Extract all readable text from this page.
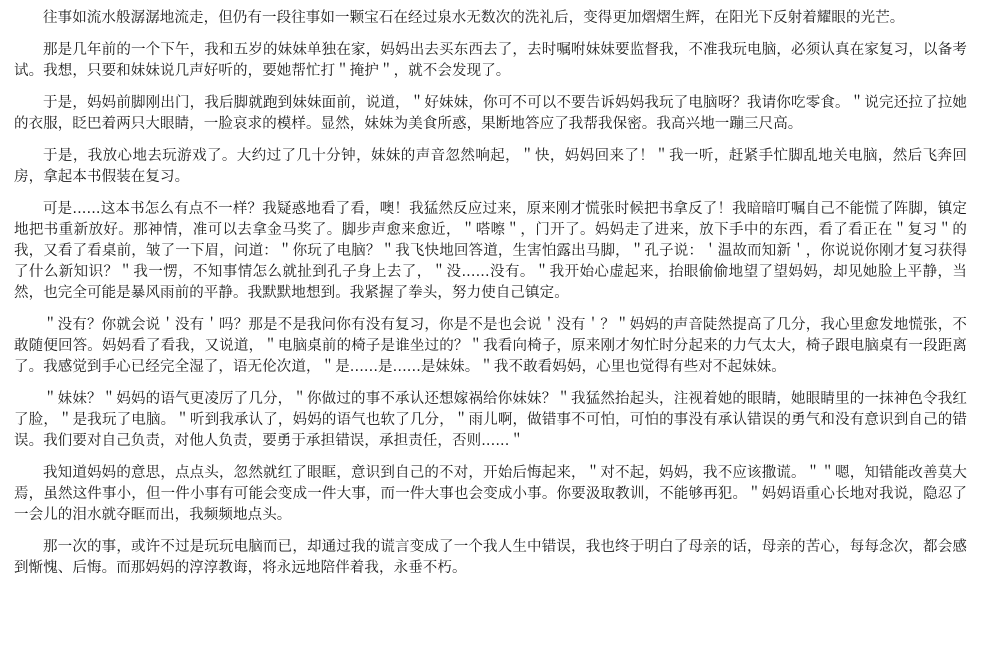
往事如流水般潺潺地流走，但仍有一段往事如一颗宝石在经过泉水无数次的洗礼后，变得更加熠熠生辉，在阳光下反射着耀眼的光芒。

那是几年前的一个下午，我和五岁的妹妹单独在家，妈妈出去买东西去了，去时嘱咐妹妹要监督我，不准我玩电脑，必须认真在家复习，以备考试。我想，只要和妹妹说几声好听的，要她帮忙打＂掩护＂，就不会发现了。

于是，妈妈前脚刚出门，我后脚就跑到妹妹面前，说道，＂好妹妹，你可不可以不要告诉妈妈我玩了电脑呀？我请你吃零食。＂说完还拉了拉她的衣服，眨巴着两只大眼睛，一脸哀求的模样。显然，妹妹为美食所惑，果断地答应了我帮我保密。我高兴地一蹦三尺高。

于是，我放心地去玩游戏了。大约过了几十分钟，妹妹的声音忽然响起，＂快，妈妈回来了！＂我一听，赶紧手忙脚乱地关电脑，然后飞奔回房，拿起本书假装在复习。

可是......这本书怎么有点不一样？我疑惑地看了看，噢！我猛然反应过来，原来刚才慌张时候把书拿反了！我暗暗叮嘱自己不能慌了阵脚，镇定地把书重新放好。那神情，准可以去拿金马奖了。脚步声愈来愈近，＂嗒嚓＂，门开了。妈妈走了进来，放下手中的东西，看了看正在＂复习＂的我，又看了看桌前，皱了一下眉，问道：＂你玩了电脑？＂我飞快地回答道，生害怕露出马脚，＂孔子说：＇温故而知新＇，你说说你刚才复习获得了什么新知识？＂我一愣，不知事情怎么就扯到孔子身上去了，＂没......没有。＂我开始心虚起来，抬眼偷偷地望了望妈妈，却见她脸上平静，当然，也完全可能是暴风雨前的平静。我默默地想到。我紧握了拳头，努力使自己镇定。

＂没有？你就会说＇没有＇吗？那是不是我问你有没有复习，你是不是也会说＇没有＇？＂妈妈的声音陡然提高了几分，我心里愈发地慌张，不敢随便回答。妈妈看了看我，又说道，＂电脑桌前的椅子是谁坐过的？＂我看向椅子，原来刚才匆忙时分起来的力气太大，椅子跟电脑桌有一段距离了。我感觉到手心已经完全湿了，语无伦次道，＂是......是......是妹妹。＂我不敢看妈妈，心里也觉得有些对不起妹妹。

＂妹妹？＂妈妈的语气更凌厉了几分，＂你做过的事不承认还想嫁祸给你妹妹？＂我猛然抬起头，注视着她的眼睛，她眼睛里的一抹神色令我红了脸，＂是我玩了电脑。＂听到我承认了，妈妈的语气也软了几分，＂雨儿啊，做错事不可怕，可怕的事没有承认错误的勇气和没有意识到自己的错误。我们要对自己负责，对他人负责，要勇于承担错误，承担责任，否则......＂

我知道妈妈的意思，点点头，忽然就红了眼眶，意识到自己的不对，开始后悔起来，＂对不起，妈妈，我不应该撒谎。＂＂嗯，知错能改善莫大焉，虽然这件事小，但一件小事有可能会变成一件大事，而一件大事也会变成小事。你要汲取教训，不能够再犯。＂妈妈语重心长地对我说，隐忍了一会儿的泪水就夺眶而出，我频频地点头。

那一次的事，或许不过是玩玩电脑而已，却通过我的谎言变成了一个我人生中错误，我也终于明白了母亲的话，母亲的苦心，每每念次，都会感到惭愧、后悔。而那妈妈的淳淳教诲，将永远地陪伴着我，永垂不朽。
